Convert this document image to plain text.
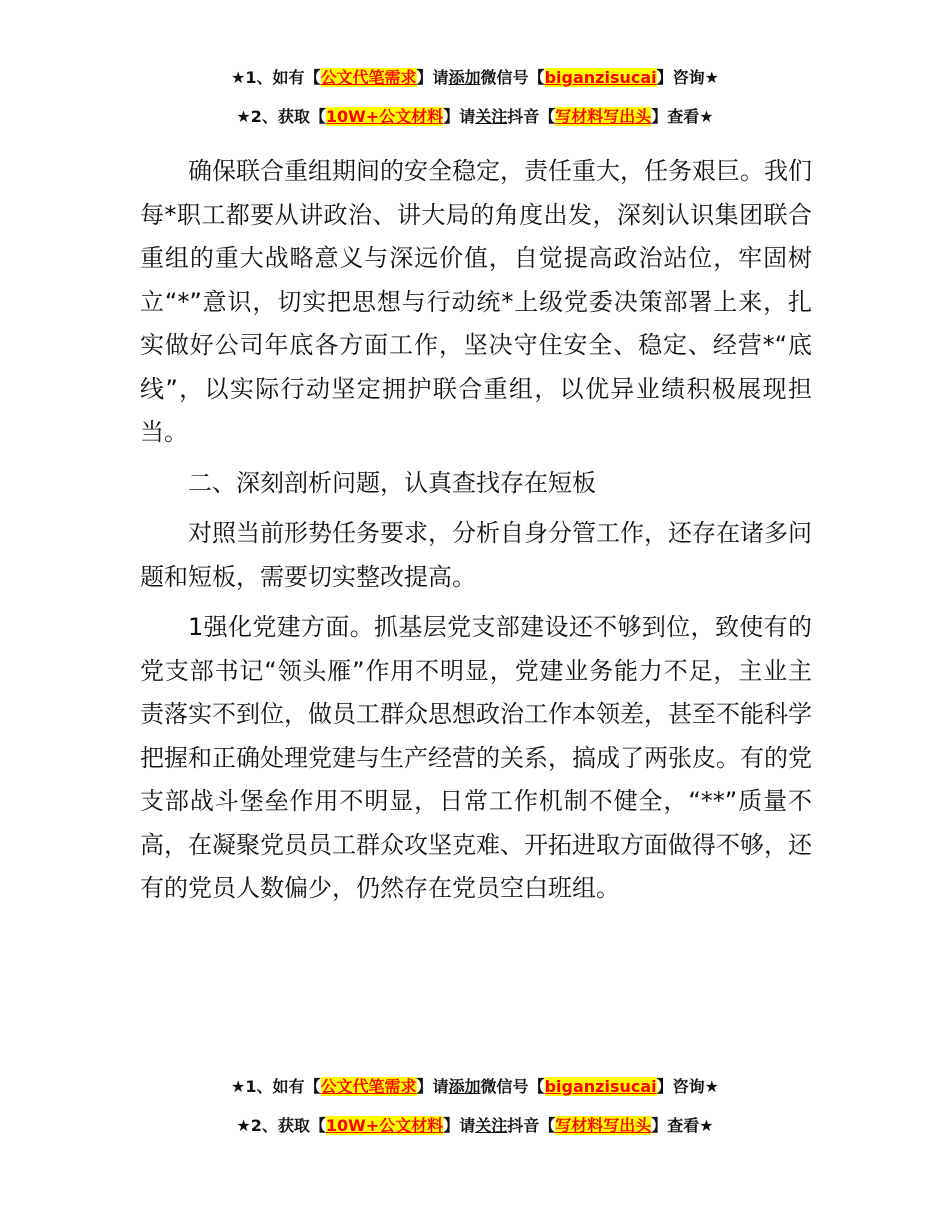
★1、如有【公文代笔需求】请添加微信号【biganzisucai】咨询★
★2、获取【10W+公文材料】请关注抖音【写材料写出头】查看★

确保联合重组期间的安全稳定，责任重大，任务艰巨。我们每*职工都要从讲政治、讲大局的角度出发，深刻认识集团联合重组的重大战略意义与深远价值，自觉提高政治站位，牢固树立“*”意识，切实把思想与行动统*上级党委决策部署上来，扎实做好公司年底各方面工作，坚决守住安全、稳定、经营*“底线”，以实际行动坚定拥护联合重组，以优异业绩积极展现担当。

二、深刻剖析问题，认真查找存在短板

对照当前形势任务要求，分析自身分管工作，还存在诸多问题和短板，需要切实整改提高。

1强化党建方面。抓基层党支部建设还不够到位，致使有的党支部书记“领头雁”作用不明显，党建业务能力不足，主业主责落实不到位，做员工群众思想政治工作本领差，甚至不能科学把握和正确处理党建与生产经营的关系，搞成了两张皮。有的党支部战斗堡垒作用不明显，日常工作机制不健全，“**”质量不高，在凝聚党员员工群众攻坚克难、开拓进取方面做得不够，还有的党员人数偏少，仍然存在党员空白班组。

★1、如有【公文代笔需求】请添加微信号【biganzisucai】咨询★
★2、获取【10W+公文材料】请关注抖音【写材料写出头】查看★
